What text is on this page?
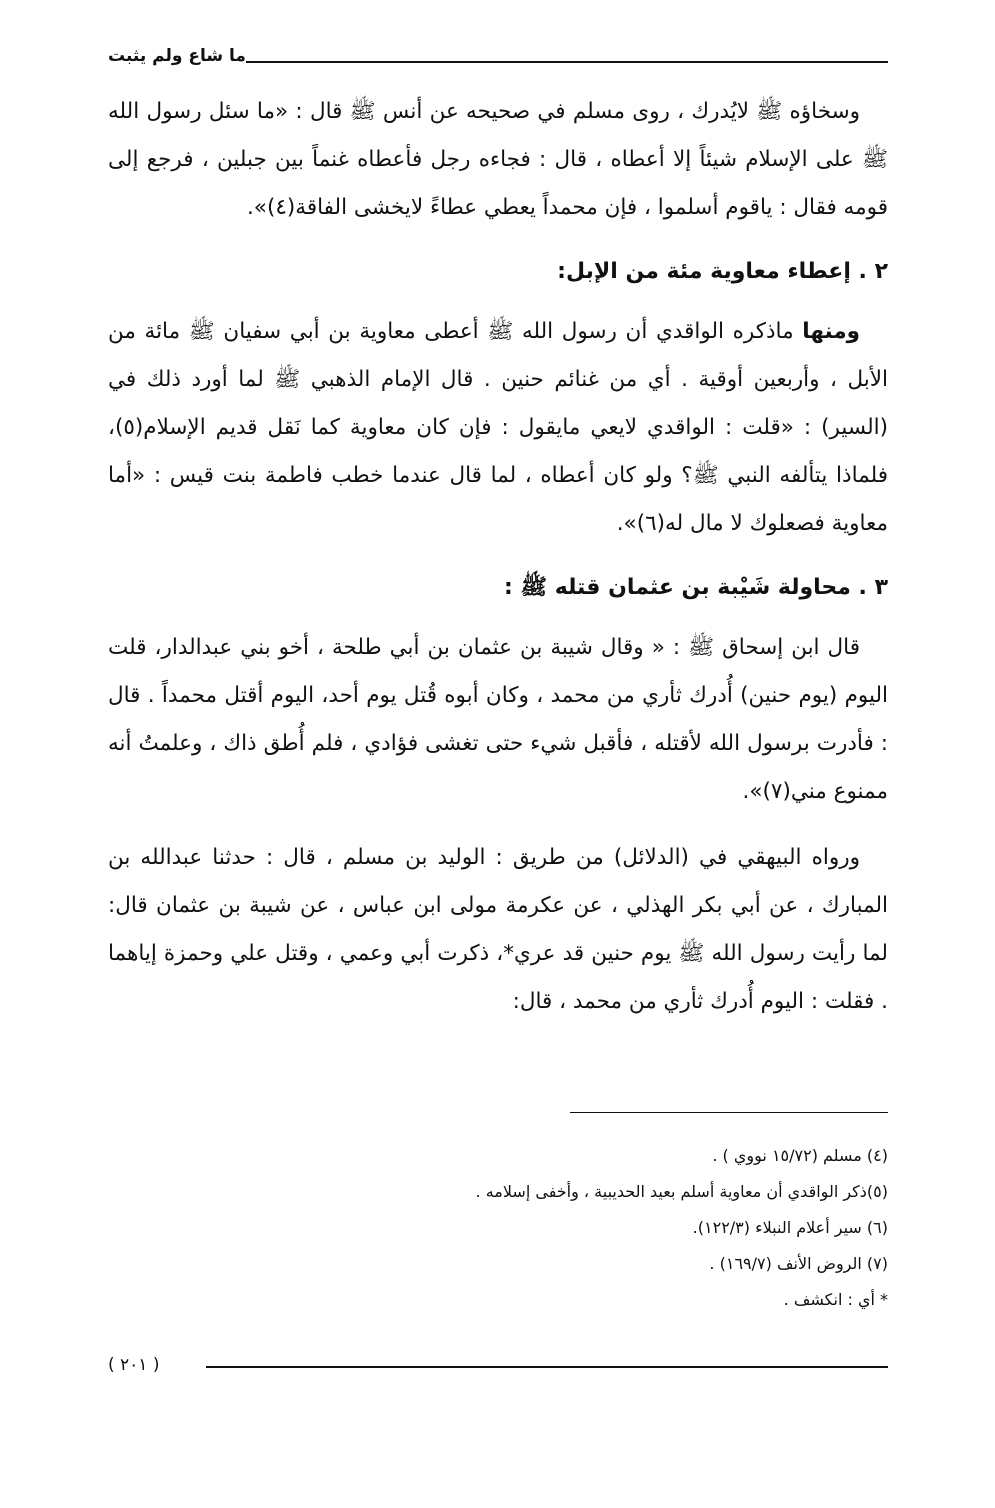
ما شاع ولم يثبت

وسخاؤه ﷺ لايُدرك ، روى مسلم في صحيحه عن أنس ﷺ قال : «ما سئل رسول الله ﷺ على الإسلام شيئاً إلا أعطاه ، قال : فجاءه رجل فأعطاه غنماً بين جبلين ، فرجع إلى قومه فقال : ياقوم أسلموا ، فإن محمداً يعطي عطاءً لايخشى الفاقة(٤)».

٢ . إعطاء معاوية مئة من الإبل:

ومنها ماذكره الواقدي أن رسول الله ﷺ أعطى معاوية بن أبي سفيان ﷺ مائة من الأبل ، وأربعين أوقية . أي من غنائم حنين . قال الإمام الذهبي ﷺ لما أورد ذلك في (السير) : «قلت : الواقدي لايعي مايقول : فإن كان معاوية كما نَقل قديم الإسلام(٥)، فلماذا يتألفه النبي ﷺ؟ ولو كان أعطاه ، لما قال عندما خطب فاطمة بنت قيس : «أما معاوية فصعلوك لا مال له(٦)».

٣ . محاولة شَيْبة بن عثمان قتله ﷺ :

قال ابن إسحاق ﷺ : « وقال شيبة بن عثمان بن أبي طلحة ، أخو بني عبدالدار، قلت اليوم (يوم حنين) أُدرك ثأري من محمد ، وكان أبوه قُتل يوم أحد، اليوم أقتل محمداً . قال : فأدرت برسول الله لأقتله ، فأقبل شيء حتى تغشى فؤادي ، فلم أُطق ذاك ، وعلمتُ أنه ممنوع مني(٧)».

ورواه البيهقي في (الدلائل) من طريق : الوليد بن مسلم ، قال : حدثنا عبدالله بن المبارك ، عن أبي بكر الهذلي ، عن عكرمة مولى ابن عباس ، عن شيبة بن عثمان قال: لما رأيت رسول الله ﷺ يوم حنين قد عري*، ذكرت أبي وعمي ، وقتل علي وحمزة إياهما . فقلت : اليوم أُدرك ثأري من محمد ، قال:

(٤) مسلم (١٥/٧٢ نووي ) .
(٥)ذكر الواقدي أن معاوية أسلم بعيد الحديبية ، وأخفى إسلامه .
(٦) سير أعلام النبلاء (١٢٢/٣).
(٧) الروض الأنف (١٦٩/٧) .
* أي : انكشف .
( ٢٠١ )
